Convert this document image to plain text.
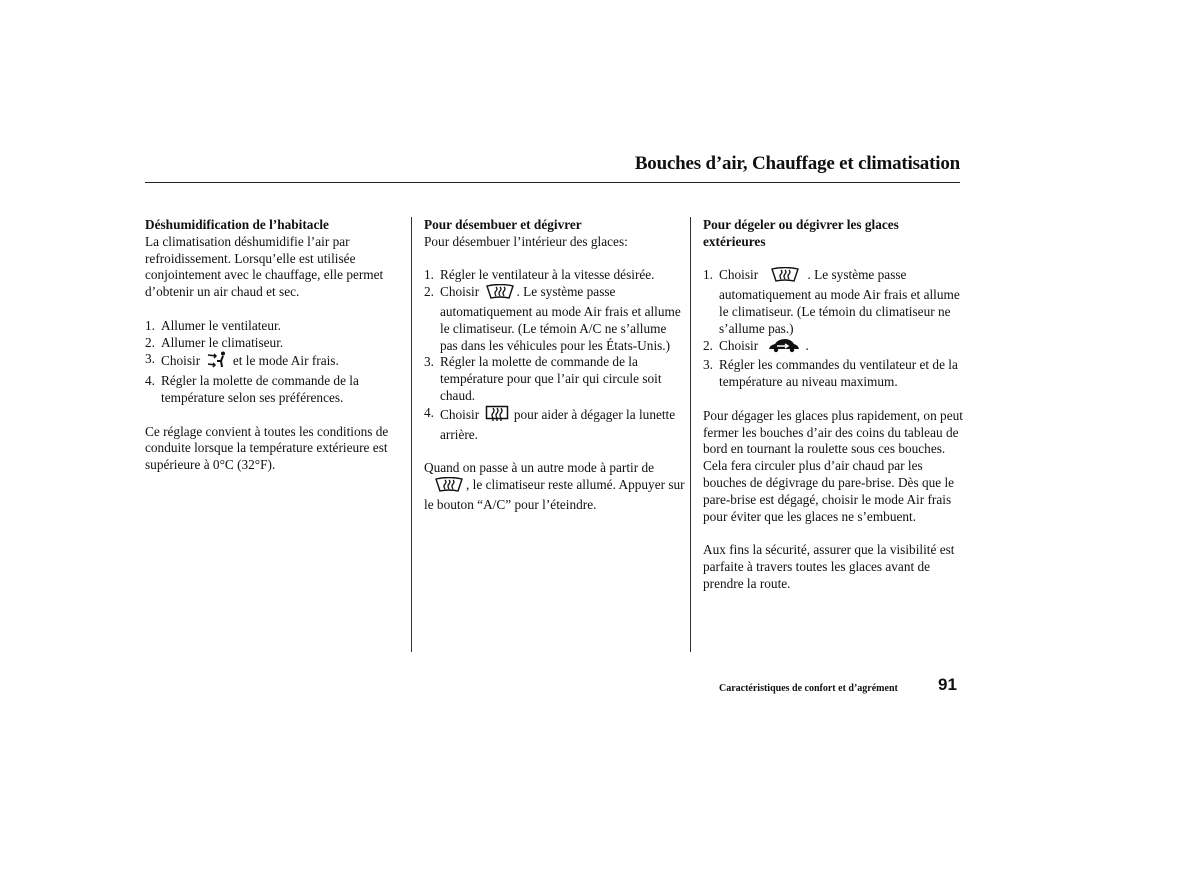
Bouches d’air, Chauffage et climatisation
Déshumidification de l’habitacle

La climatisation déshumidifie l’air par refroidissement. Lorsqu’elle est utilisée conjointement avec le chauffage, elle permet d’obtenir un air chaud et sec.

1. Allumer le ventilateur.
2. Allumer le climatiseur.
3. Choisir et le mode Air frais.
4. Régler la molette de commande de la température selon ses préférences.

Ce réglage convient à toutes les conditions de conduite lorsque la température extérieure est supérieure à 0°C (32°F).

Pour désembuer et dégivrer

Pour désembuer l’intérieur des glaces:

1. Régler le ventilateur à la vitesse désirée.
2. Choisir	. Le système passe automatiquement au mode Air frais et allume le climatiseur. (Le témoin A/C ne s’allume pas dans les véhicules pour les États-Unis.)
3. Régler la molette de commande de la température pour que l’air qui circule soit chaud.
4. Choisir	pour aider à dégager la lunette arrière.

Quand on passe à un autre mode à partir de
, le climatiseur reste allumé. Appuyer sur le bouton “A/C” pour l’éteindre.

Pour dégeler ou dégivrer les glaces extérieures
1. Choisir	. Le système passe automatiquement au mode Air frais et allume le climatiseur. (Le témoin du climatiseur ne s’allume pas.)
2. Choisir	.
3. Régler les commandes du ventilateur et de la température au niveau maximum.

Pour dégager les glaces plus rapidement, on peut fermer les bouches d’air des coins du tableau de bord en tournant la roulette sous ces bouches. Cela fera circuler plus d’air chaud par les bouches de dégivrage du pare-brise. Dès que le pare-brise est dégagé, choisir le mode Air frais pour éviter que les glaces ne s’embuent.

Aux fins la sécurité, assurer que la visibilité est parfaite à travers toutes les glaces avant de prendre la route.

Caractéristiques de confort et d’agrément 91
